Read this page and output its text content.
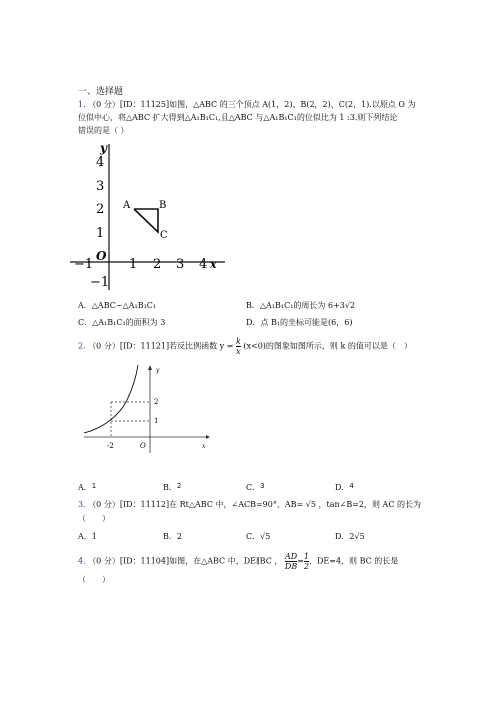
一、选择题
1. （0 分）[ID：11125]如图，△ABC 的三个顶点 A(1，2)、B(2，2)、C(2，1).以原点 O 为
位似中心，将△ABC 扩大得到△A₁B₁C₁,且△ABC 与△A₁B₁C₁的位似比为 1 :3.则下列结论
错误的是（ ）
y
x
O
4
3
2
1
−1
−1	1 2 3 4
A	B
C
A．△ABC∽△A₁B₁C₁	B．△A₁B₁C₁的周长为 6+3√2
C．△A₁B₁C₁的面积为 3	D．点 B₁的坐标可能是(6，6)
2. （0 分）[ID：11121]若反比例函数 $y = \frac{k}{x} (x<0)$的图象如图所示，则 k 的值可以是（　）
y
x
O
2
1
-2
A．1	B．2	C．3	D．4
3. （0 分）[ID：11112]在 Rt△ABC 中，∠ACB=90°，AB= √5 ，tan∠B=2，则 AC 的长为
（　　）
A．1	B．2	C．√5	D．2√5
4. （0 分）[ID：11104]如图，在△ABC 中，DE∥BC ， $\frac{AD}{DB} = \frac{1}{2}$ ，DE=4，则 BC 的长是
（　　）
